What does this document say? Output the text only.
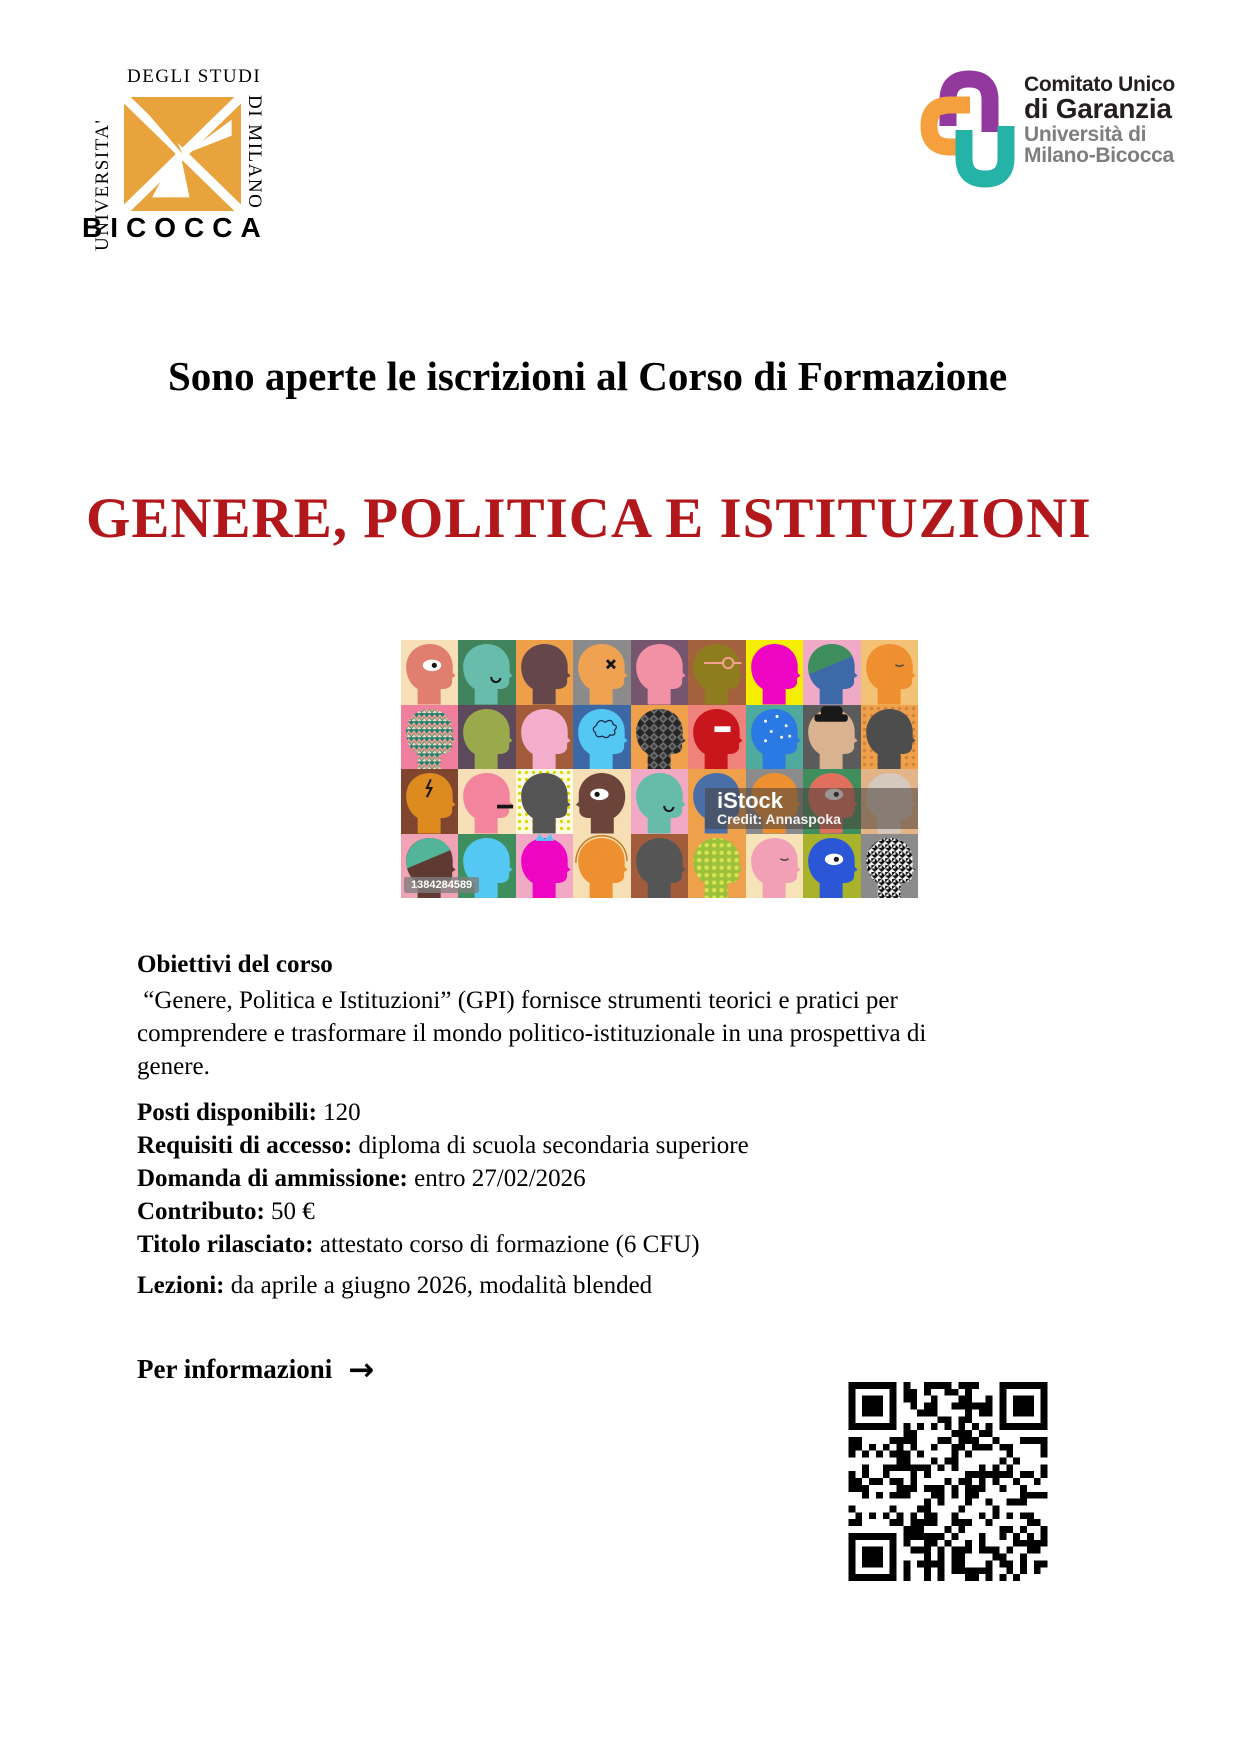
UNIVERSITA'
DEGLI STUDI
DI MILANO
BICOCCA
Comitato Unico
di Garanzia
Università di
Milano-Bicocca
Sono aperte le iscrizioni al Corso di Formazione
GENERE, POLITICA E ISTITUZIONI
iStock
Credit: Annaspoka
1384284589
Obiettivi del corso
“Genere, Politica e Istituzioni” (GPI) fornisce strumenti teorici e pratici per comprendere e trasformare il mondo politico-istituzionale in una prospettiva di genere.
Posti disponibili: 120
Requisiti di accesso: diploma di scuola secondaria superiore
Domanda di ammissione: entro 27/02/2026
Contributo: 50 €
Titolo rilasciato: attestato corso di formazione (6 CFU)
Lezioni: da aprile a giugno 2026, modalità blended
Per informazioni →
